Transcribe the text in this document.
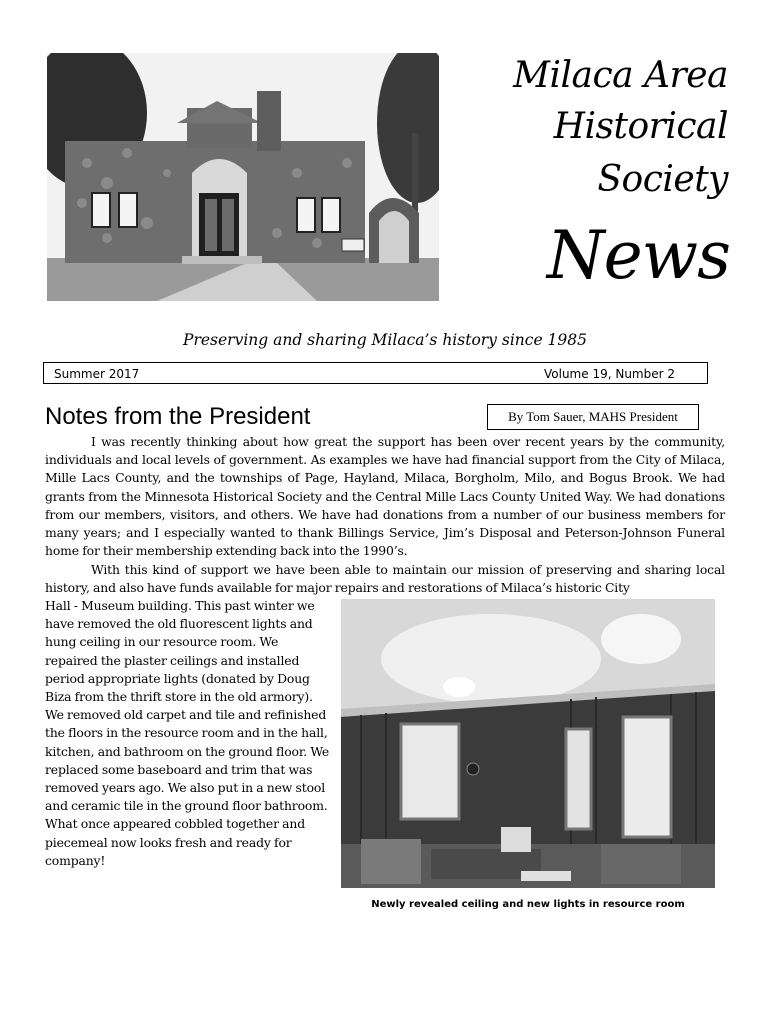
Milaca Area
Historical
Society
News
Preserving and sharing Milaca’s history since 1985
Summer 2017	Volume 19, Number 2
Notes from the President	By Tom Sauer, MAHS President
I was recently thinking about how great the support has been over recent years by the community, individuals and local levels of government. As examples we have had financial support from the City of Milaca, Mille Lacs County, and the townships of Page, Hayland, Milaca, Borgholm, Milo, and Bogus Brook. We had grants from the Minnesota Historical Society and the Central Mille Lacs County United Way. We had donations from our members, visitors, and others. We have had donations from a number of our business members for many years; and I especially wanted to thank Billings Service, Jim’s Disposal and Peterson-Johnson Funeral home for their membership extending back into the 1990’s.
With this kind of support we have been able to maintain our mission of preserving and sharing local history, and also have funds available for major repairs and restorations of Milaca’s historic City
Hall - Museum building. This past winter we have removed the old fluorescent lights and hung ceiling in our resource room. We repaired the plaster ceilings and installed period appropriate lights (donated by Doug Biza from the thrift store in the old armory). We removed old carpet and tile and refinished the floors in the resource room and in the hall, kitchen, and bathroom on the ground floor. We replaced some baseboard and trim that was removed years ago. We also put in a new stool and ceramic tile in the ground floor bathroom. What once appeared cobbled together and piecemeal now looks fresh and ready for company!
Newly revealed ceiling and new lights in resource room
